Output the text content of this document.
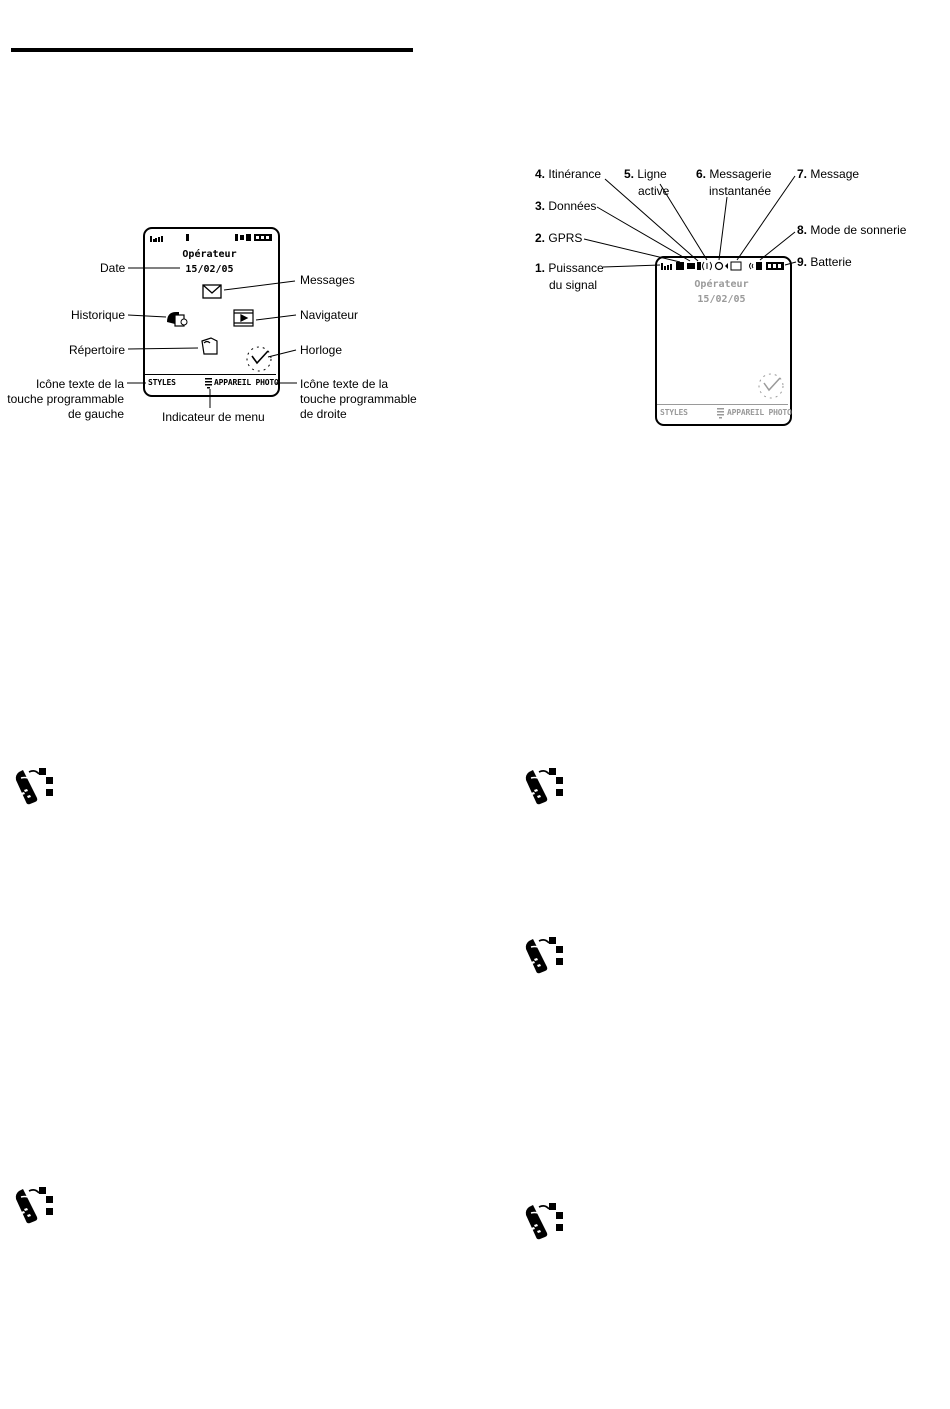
Opérateur
15/02/05
STYLES	APPAREIL PHOTO
Date
Messages
Historique	Navigateur
Répertoire	Horloge
Icône texte de la
touche programmable
de gauche	Indicateur de menu
Icône texte de la
touche programmable
de droite
Opérateur
15/02/05
STYLES	APPAREIL PHOTO
1. Puissance
du signal
2. GPRS
3. Données
4. Itinérance 5. Ligne
active
6. Messagerie
instantanée
7. Message
8. Mode de sonnerie
9. Batterie
